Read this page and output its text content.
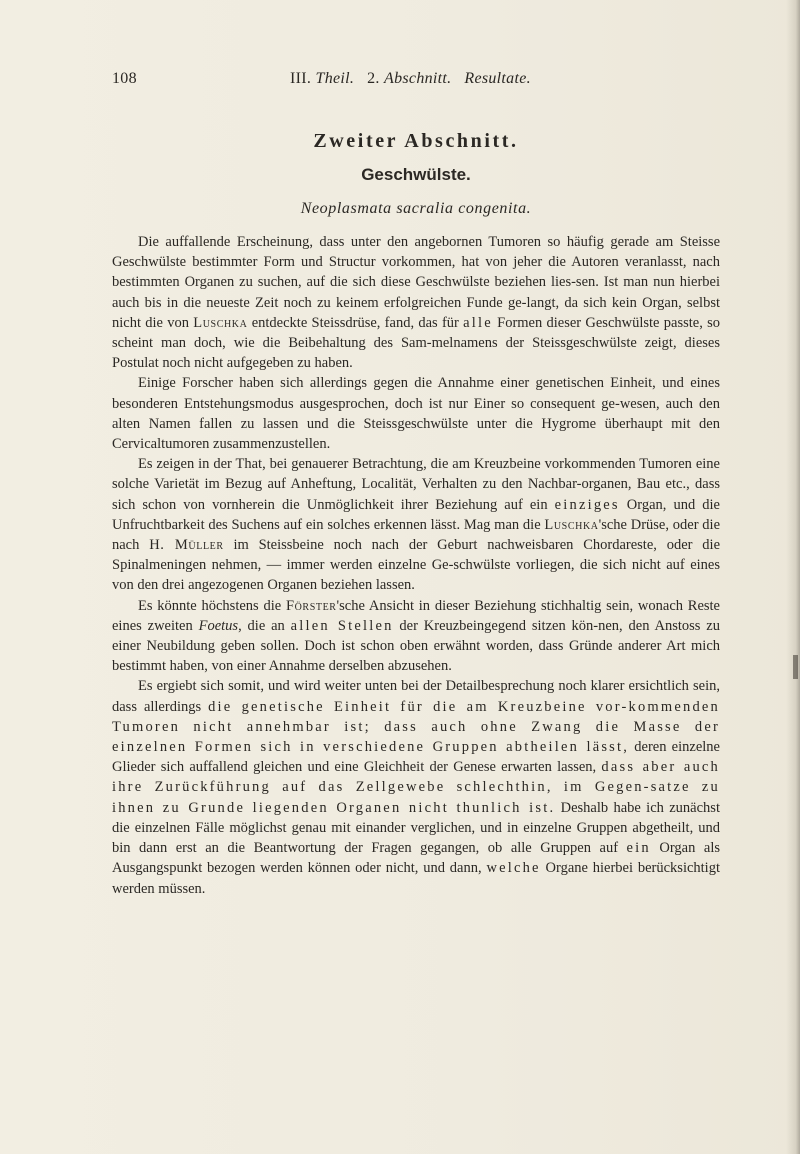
108	III. Theil. 2. Abschnitt. Resultate.
Zweiter Abschnitt.
Geschwülste.
Neoplasmata sacralia congenita.

Die auffallende Erscheinung, dass unter den angebornen Tumoren so häufig gerade am Steisse Geschwülste bestimmter Form und Structur vorkommen, hat von jeher die Autoren veranlasst, nach bestimmten Organen zu suchen, auf die sich diese Geschwülste beziehen lies-sen. Ist man nun hierbei auch bis in die neueste Zeit noch zu keinem erfolgreichen Funde ge-langt, da sich kein Organ, selbst nicht die von Luschka entdeckte Steissdrüse, fand, das für alle Formen dieser Geschwülste passte, so scheint man doch, wie die Beibehaltung des Sam-melnamens der Steissgeschwülste zeigt, dieses Postulat noch nicht aufgegeben zu haben.

Einige Forscher haben sich allerdings gegen die Annahme einer genetischen Einheit, und eines besonderen Entstehungsmodus ausgesprochen, doch ist nur Einer so consequent ge-wesen, auch den alten Namen fallen zu lassen und die Steissgeschwülste unter die Hygrome überhaupt mit den Cervicaltumoren zusammenzustellen.

Es zeigen in der That, bei genauerer Betrachtung, die am Kreuzbeine vorkommenden Tumoren eine solche Varietät im Bezug auf Anheftung, Localität, Verhalten zu den Nachbar-organen, Bau etc., dass sich schon von vornherein die Unmöglichkeit ihrer Beziehung auf ein einziges Organ, und die Unfruchtbarkeit des Suchens auf ein solches erkennen lässt. Mag man die Luschka'sche Drüse, oder die nach H. Müller im Steissbeine noch nach der Geburt nachweisbaren Chordareste, oder die Spinalmeningen nehmen, — immer werden einzelne Ge-schwülste vorliegen, die sich nicht auf eines von den drei angezogenen Organen beziehen lassen.

Es könnte höchstens die Förster'sche Ansicht in dieser Beziehung stichhaltig sein, wonach Reste eines zweiten Foetus, die an allen Stellen der Kreuzbeingegend sitzen kön-nen, den Anstoss zu einer Neubildung geben sollen. Doch ist schon oben erwähnt worden, dass Gründe anderer Art mich bestimmt haben, von einer Annahme derselben abzusehen.

Es ergiebt sich somit, und wird weiter unten bei der Detailbesprechung noch klarer ersichtlich sein, dass allerdings die genetische Einheit für die am Kreuzbeine vor-kommenden Tumoren nicht annehmbar ist; dass auch ohne Zwang die Masse der einzelnen Formen sich in verschiedene Gruppen abtheilen lässt, deren einzelne Glieder sich auffallend gleichen und eine Gleichheit der Genese erwarten lassen, dass aber auch ihre Zurückführung auf das Zellgewebe schlechthin, im Gegen-satze zu ihnen zu Grunde liegenden Organen nicht thunlich ist. Deshalb habe ich zunächst die einzelnen Fälle möglichst genau mit einander verglichen, und in einzelne Gruppen abgetheilt, und bin dann erst an die Beantwortung der Fragen gegangen, ob alle Gruppen auf ein Organ als Ausgangspunkt bezogen werden können oder nicht, und dann, welche Organe hierbei berücksichtigt werden müssen.
